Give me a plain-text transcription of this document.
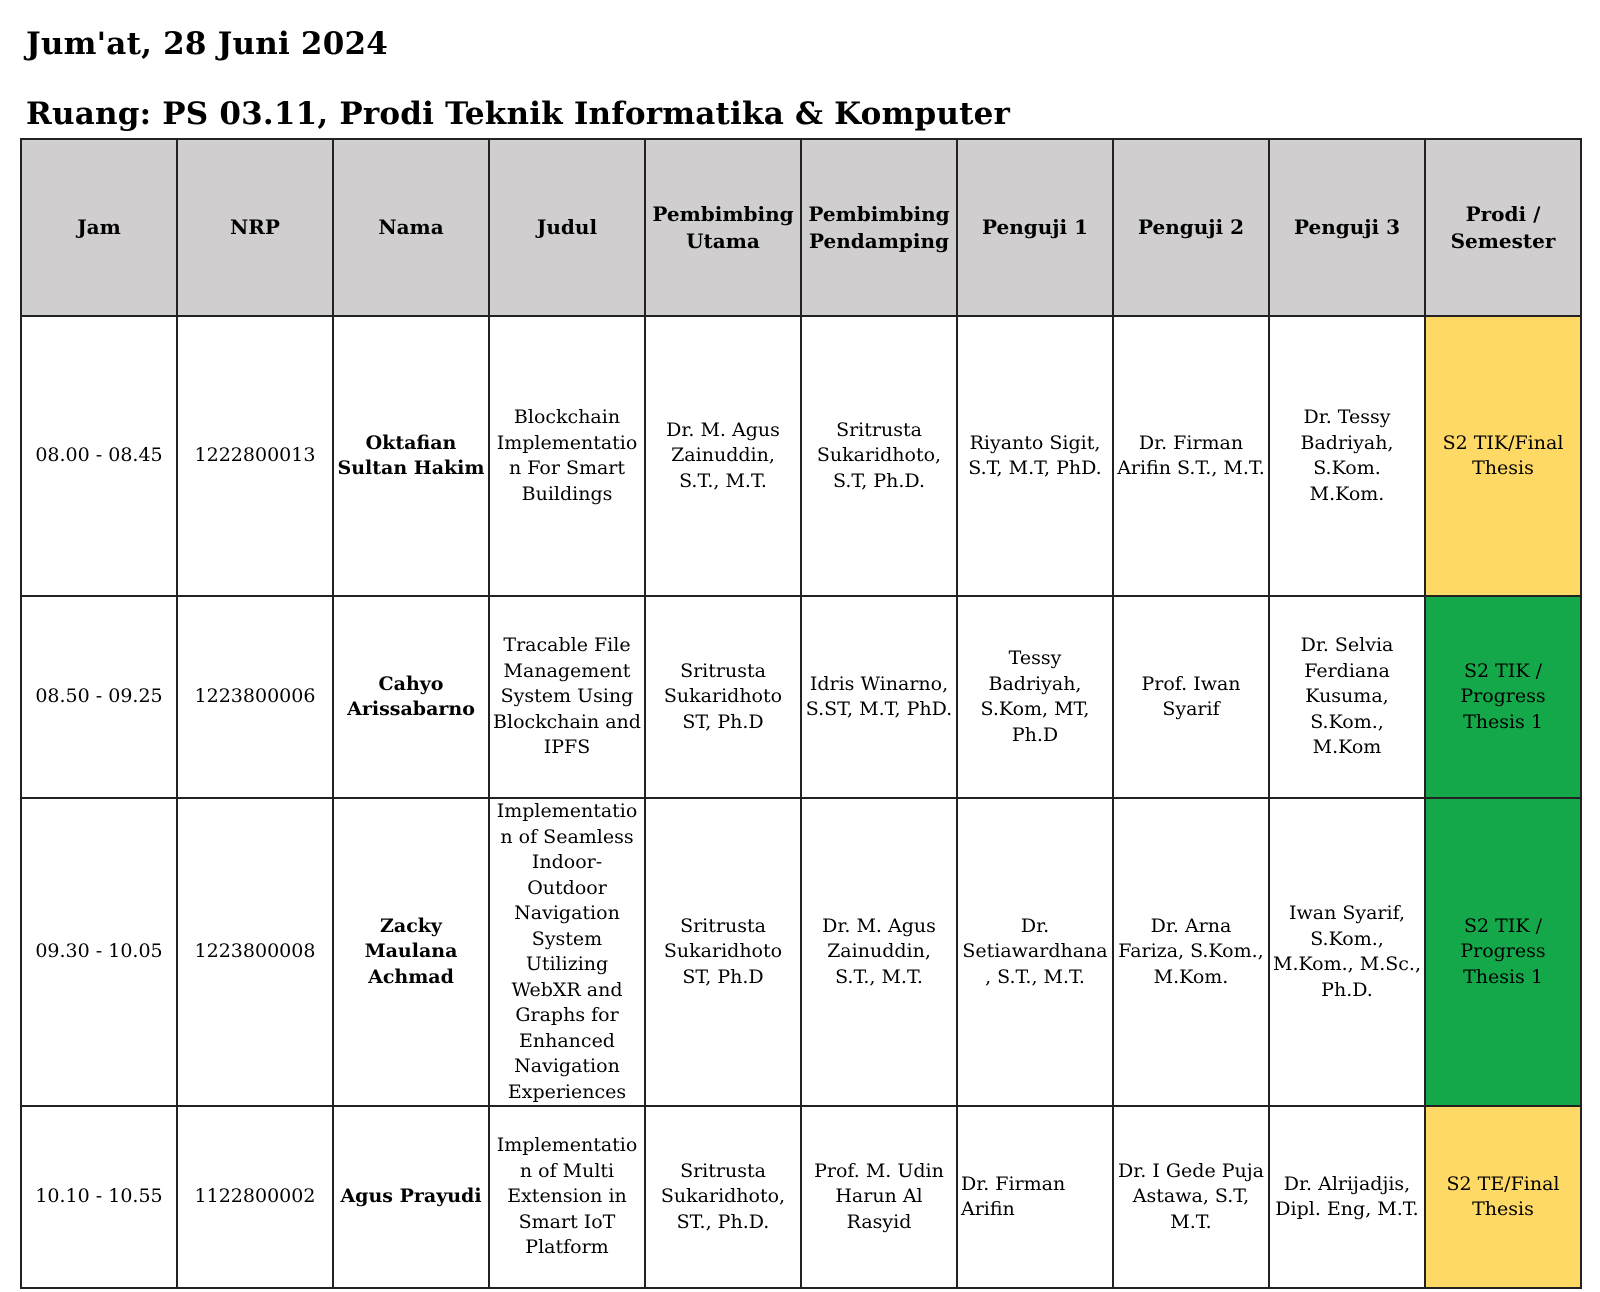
Jum'at, 28 Juni 2024
Ruang: PS 03.11, Prodi Teknik Informatika & Komputer
Jam	NRP	Nama	Judul	Pembimbing Utama	Pembimbing Pendamping	Penguji 1	Penguji 2	Penguji 3	Prodi / Semester
08.00 - 08.45	1222800013	Oktafian Sultan Hakim	Blockchain Implementation For Smart Buildings	Dr. M. Agus Zainuddin, S.T., M.T.	Sritrusta Sukaridhoto, S.T, Ph.D.	Riyanto Sigit, S.T, M.T, PhD.	Dr. Firman Arifin S.T., M.T.	Dr. Tessy Badriyah, S.Kom. M.Kom.	S2 TIK/Final Thesis
08.50 - 09.25	1223800006	Cahyo Arissabarno	Tracable File Management System Using Blockchain and IPFS	Sritrusta Sukaridhoto ST, Ph.D	Idris Winarno, S.ST, M.T, PhD.	Tessy Badriyah, S.Kom, MT, Ph.D	Prof. Iwan Syarif	Dr. Selvia Ferdiana Kusuma, S.Kom., M.Kom	S2 TIK / Progress Thesis 1
09.30 - 10.05	1223800008	Zacky Maulana Achmad	Implementation of Seamless Indoor-Outdoor Navigation System Utilizing WebXR and Graphs for Enhanced Navigation Experiences	Sritrusta Sukaridhoto ST, Ph.D	Dr. M. Agus Zainuddin, S.T., M.T.	Dr. Setiawardhana , S.T., M.T.	Dr. Arna Fariza, S.Kom., M.Kom.	Iwan Syarif, S.Kom., M.Kom., M.Sc., Ph.D.	S2 TIK / Progress Thesis 1
10.10 - 10.55	1122800002	Agus Prayudi	Implementation of Multi Extension in Smart IoT Platform	Sritrusta Sukaridhoto, ST., Ph.D.	Prof. M. Udin Harun Al Rasyid	Dr. Firman Arifin	Dr. I Gede Puja Astawa, S.T, M.T.	Dr. Alrijadjis, Dipl. Eng, M.T.	S2 TE/Final Thesis
